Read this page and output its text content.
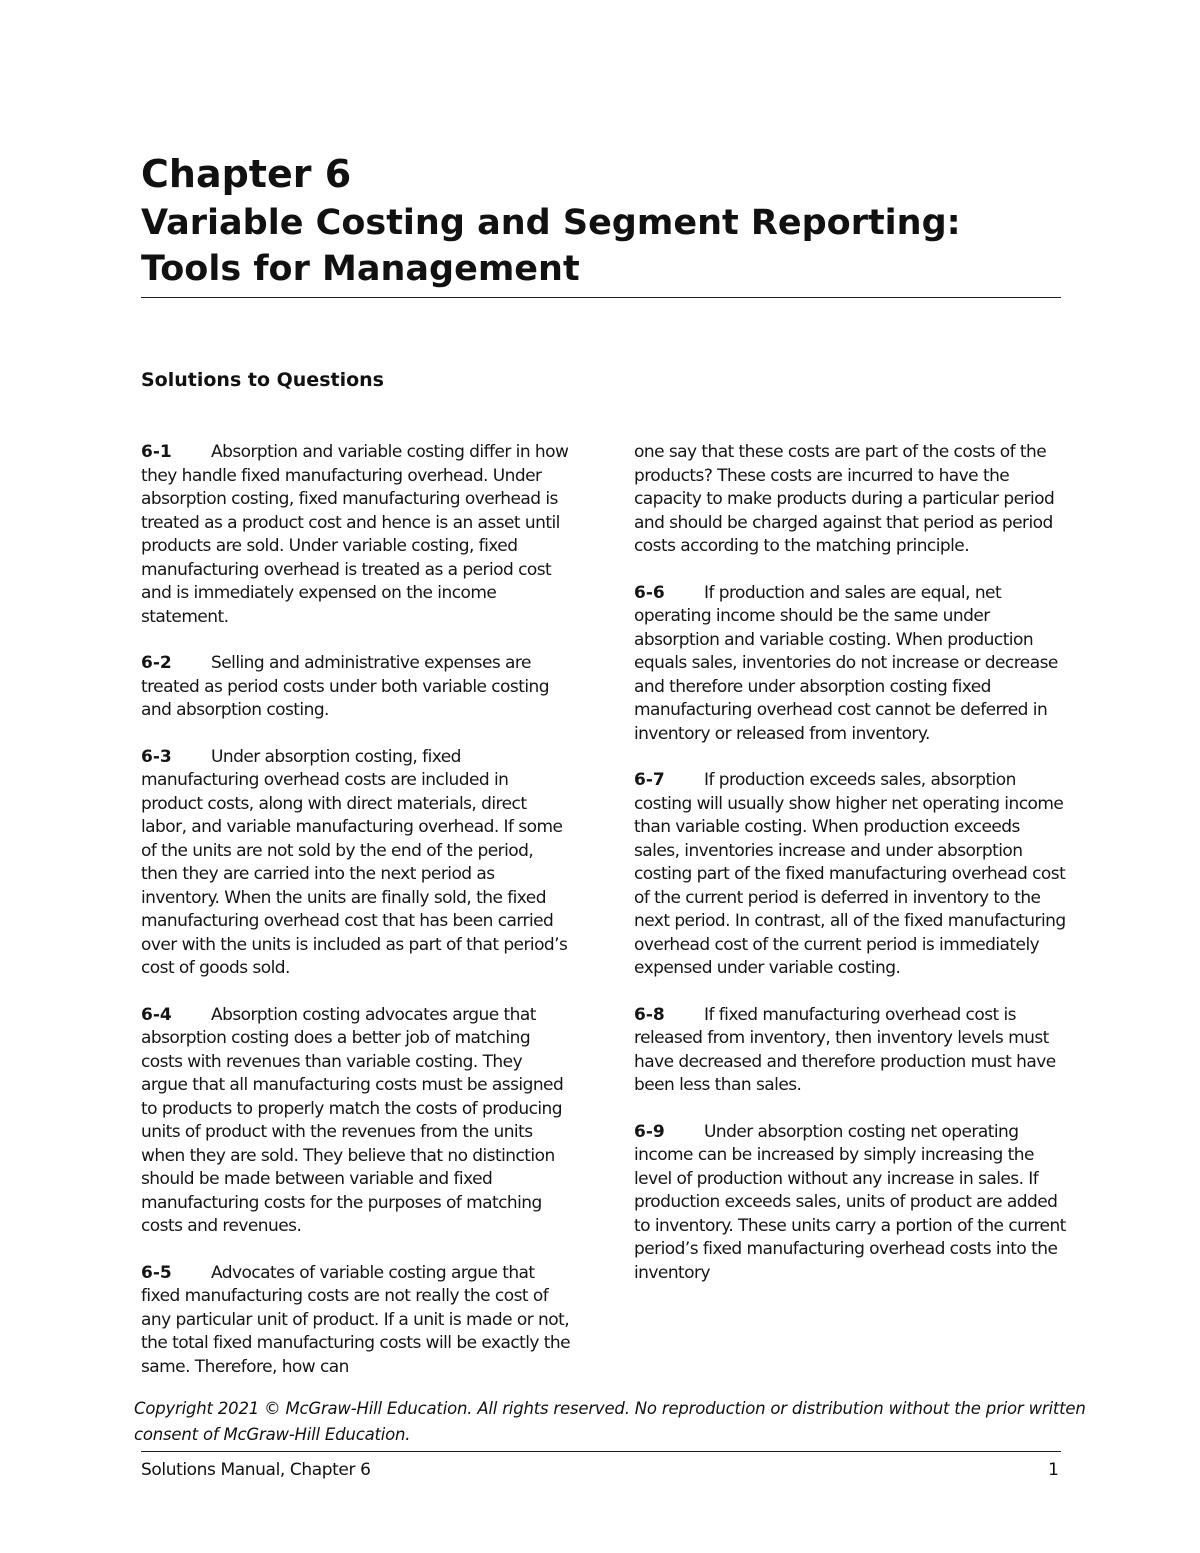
Chapter 6
Variable Costing and Segment Reporting:
Tools for Management
Solutions to Questions

6-1 Absorption and variable costing differ in how they handle fixed manufacturing overhead. Under absorption costing, fixed manufacturing overhead is treated as a product cost and hence is an asset until products are sold. Under variable costing, fixed manufacturing overhead is treated as a period cost and is immediately expensed on the income statement.

6-2 Selling and administrative expenses are treated as period costs under both variable costing and absorption costing.

6-3 Under absorption costing, fixed manufacturing overhead costs are included in product costs, along with direct materials, direct labor, and variable manufacturing overhead. If some of the units are not sold by the end of the period, then they are carried into the next period as inventory. When the units are finally sold, the fixed manufacturing overhead cost that has been carried over with the units is included as part of that period’s cost of goods sold.

6-4 Absorption costing advocates argue that absorption costing does a better job of matching costs with revenues than variable costing. They argue that all manufacturing costs must be assigned to products to properly match the costs of producing units of product with the revenues from the units when they are sold. They believe that no distinction should be made between variable and fixed manufacturing costs for the purposes of matching costs and revenues.

6-5 Advocates of variable costing argue that fixed manufacturing costs are not really the cost of any particular unit of product. If a unit is made or not, the total fixed manufacturing costs will be exactly the same. Therefore, how can

one say that these costs are part of the costs of the products? These costs are incurred to have the capacity to make products during a particular period and should be charged against that period as period costs according to the matching principle.

6-6 If production and sales are equal, net operating income should be the same under absorption and variable costing. When production equals sales, inventories do not increase or decrease and therefore under absorption costing fixed manufacturing overhead cost cannot be deferred in inventory or released from inventory.

6-7 If production exceeds sales, absorption costing will usually show higher net operating income than variable costing. When production exceeds sales, inventories increase and under absorption costing part of the fixed manufacturing overhead cost of the current period is deferred in inventory to the next period. In contrast, all of the fixed manufacturing overhead cost of the current period is immediately expensed under variable costing.

6-8 If fixed manufacturing overhead cost is released from inventory, then inventory levels must have decreased and therefore production must have been less than sales.

6-9 Under absorption costing net operating income can be increased by simply increasing the level of production without any increase in sales. If production exceeds sales, units of product are added to inventory. These units carry a portion of the current period’s fixed manufacturing overhead costs into the inventory

Copyright 2021 © McGraw-Hill Education. All rights reserved. No reproduction or distribution without the prior written consent of McGraw-Hill Education.
Solutions Manual, Chapter 6	1
